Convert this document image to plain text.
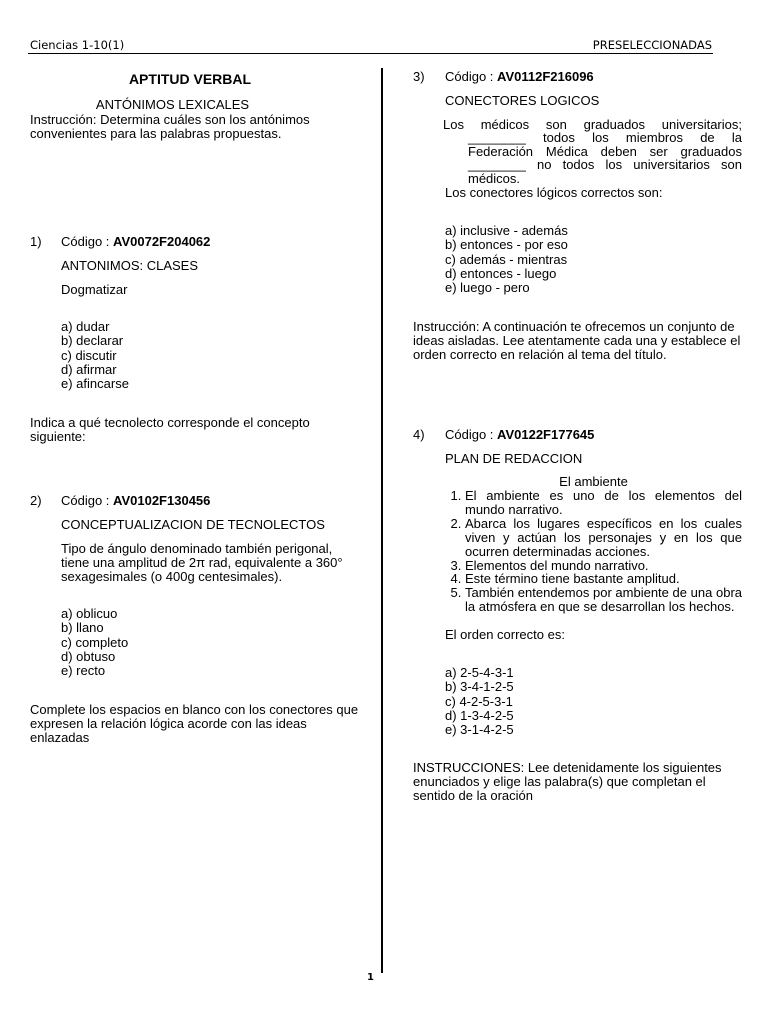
Ciencias 1-10(1)	PRESELECCIONADAS
APTITUD VERBAL
ANTÓNIMOS LEXICALES
Instrucción: Determina cuáles son los antónimos convenientes para las palabras propuestas.
1) Código : AV0072F204062
ANTONIMOS: CLASES
Dogmatizar
a) dudar
b) declarar
c) discutir
d) afirmar
e) afincarse
Indica a qué tecnolecto corresponde el concepto siguiente:
2) Código : AV0102F130456
CONCEPTUALIZACION DE TECNOLECTOS
Tipo de ángulo denominado también perigonal, tiene una amplitud de 2π rad, equivalente a 360° sexagesimales (o 400g centesimales).
a) oblicuo
b) llano
c) completo
d) obtuso
e) recto
Complete los espacios en blanco con los conectores que expresen la relación lógica acorde con las ideas enlazadas
3) Código : AV0112F216096
CONECTORES LOGICOS
Los médicos son graduados universitarios;
________ todos los miembros de la
Federación Médica deben ser graduados
________ no todos los universitarios son
médicos.
Los conectores lógicos correctos son:
a) inclusive - además
b) entonces - por eso
c) además - mientras
d) entonces - luego
e) luego - pero
Instrucción: A continuación te ofrecemos un conjunto de ideas aisladas. Lee atentamente cada una y establece el orden correcto en relación al tema del título.
4) Código : AV0122F177645
PLAN DE REDACCION
El ambiente
1. El ambiente es uno de los elementos del mundo narrativo.
2. Abarca los lugares específicos en los cuales viven y actúan los personajes y en los que ocurren determinadas acciones.
3. Elementos del mundo narrativo.
4. Este término tiene bastante amplitud.
5. También entendemos por ambiente de una obra la atmósfera en que se desarrollan los hechos.
El orden correcto es:
a) 2-5-4-3-1
b) 3-4-1-2-5
c) 4-2-5-3-1
d) 1-3-4-2-5
e) 3-1-4-2-5
INSTRUCCIONES: Lee detenidamente los siguientes enunciados y elige las palabra(s) que completan el sentido de la oración
1
